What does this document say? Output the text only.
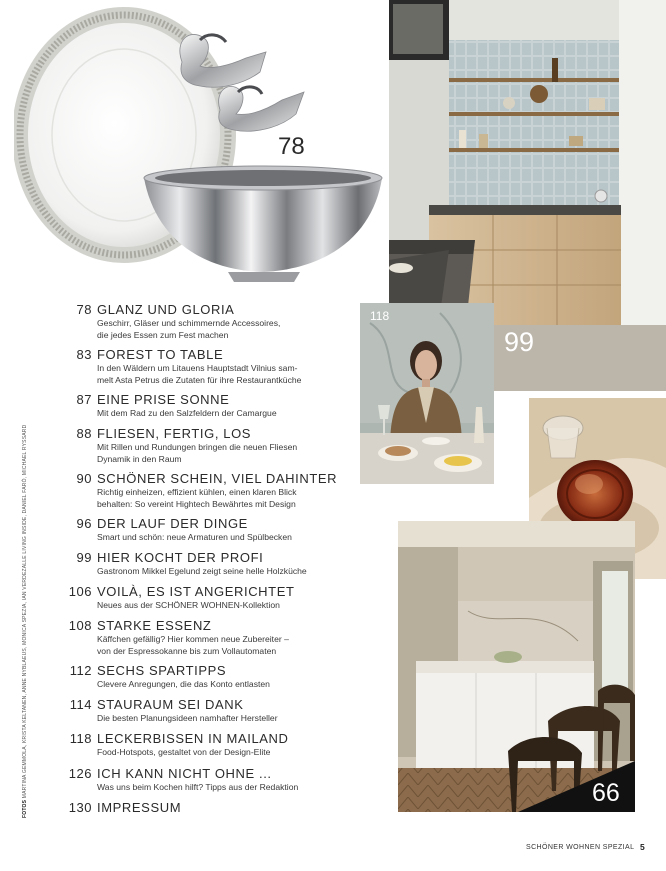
78
99
118
66
78 GLANZ UND GLORIA
Geschirr, Gläser und schimmernde Accessoires,
die jedes Essen zum Fest machen
83 FOREST TO TABLE
In den Wäldern um Litauens Hauptstadt Vilnius sam-
melt Asta Petrus die Zutaten für ihre Restaurantküche
87 EINE PRISE SONNE
Mit dem Rad zu den Salzfeldern der Camargue
88 FLIESEN, FERTIG, LOS
Mit Rillen und Rundungen bringen die neuen Fliesen
Dynamik in den Raum
90 SCHÖNER SCHEIN, VIEL DAHINTER
Richtig einheizen, effizient kühlen, einen klaren Blick
behalten: So vereint Hightech Bewährtes mit Design
96 DER LAUF DER DINGE
Smart und schön: neue Armaturen und Spülbecken
99 HIER KOCHT DER PROFI
Gastronom Mikkel Egelund zeigt seine helle Holzküche
106 VOILÀ, ES IST ANGERICHTET
Neues aus der SCHÖNER WOHNEN-Kollektion
108 STARKE ESSENZ
Käffchen gefällig? Hier kommen neue Zubereiter –
von der Espressokanne bis zum Vollautomaten
112 SECHS SPARTIPPS
Clevere Anregungen, die das Konto entlasten
114 STAURAUM SEI DANK
Die besten Planungsideen namhafter Hersteller
118 LECKERBISSEN IN MAILAND
Food-Hotspots, gestaltet von der Design-Elite
126 ICH KANN NICHT OHNE ...
Was uns beim Kochen hilft? Tipps aus der Redaktion
130 IMPRESSUM
FOTOS MARTINA GEMMOLA, KRISTA KELTANEN, ANNE NYBLAEUS, MONICA SPEZIA, IAN VERDEZALLE LIVING INSIDE, DANIEL FARÓ, MICHAEL RYSSARD
SCHÖNER WOHNEN SPEZIAL 5
